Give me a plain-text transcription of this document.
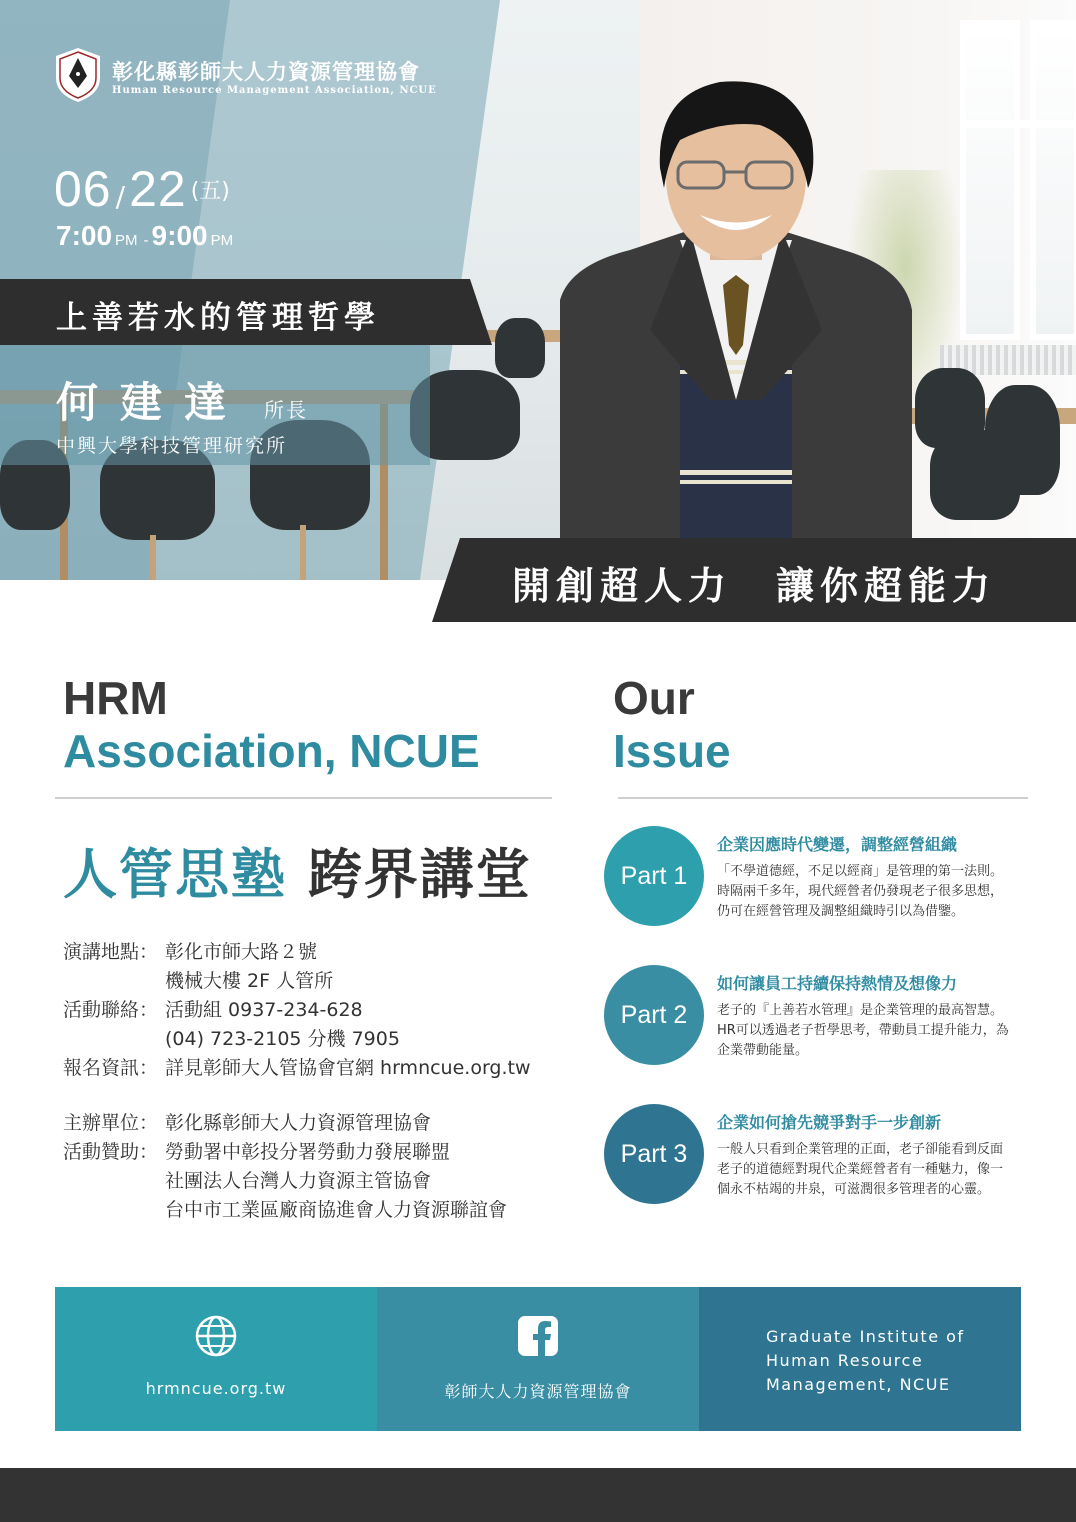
彰化縣彰師大人力資源管理協會
Human Resource Management Association, NCUE
06 /22 (五)
7:00 PM - 9:00 PM
上善若水的管理哲學
何建達 所長
中興大學科技管理研究所
開創超人力　讓你超能力
HRM
Association, NCUE
人管思塾 跨界講堂
演講地點： 彰化市師大路２號
機械大樓 2F 人管所
活動聯絡： 活動組 0937-234-628
(04) 723-2105 分機 7905
報名資訊： 詳見彰師大人管協會官網 hrmncue.org.tw
主辦單位： 彰化縣彰師大人力資源管理協會
活動贊助： 勞動署中彰投分署勞動力發展聯盟
社團法人台灣人力資源主管協會
台中市工業區廠商協進會人力資源聯誼會
Our
Issue
Part 1
企業因應時代變遷，調整經營組織
「不學道德經，不足以經商」是管理的第一法則。
時隔兩千多年，現代經營者仍發現老子很多思想，
仍可在經營管理及調整組織時引以為借鑒。
Part 2
如何讓員工持續保持熱情及想像力
老子的『上善若水管理』是企業管理的最高智慧。
HR可以透過老子哲學思考，帶動員工提升能力，為
企業帶動能量。
Part 3
企業如何搶先競爭對手一步創新
一般人只看到企業管理的正面，老子卻能看到反面
老子的道德經對現代企業經營者有一種魅力，像一
個永不枯竭的井泉，可滋潤很多管理者的心靈。
hrmncue.org.tw	彰師大人力資源管理協會
Graduate Institute of
Human Resource
Management, NCUE
